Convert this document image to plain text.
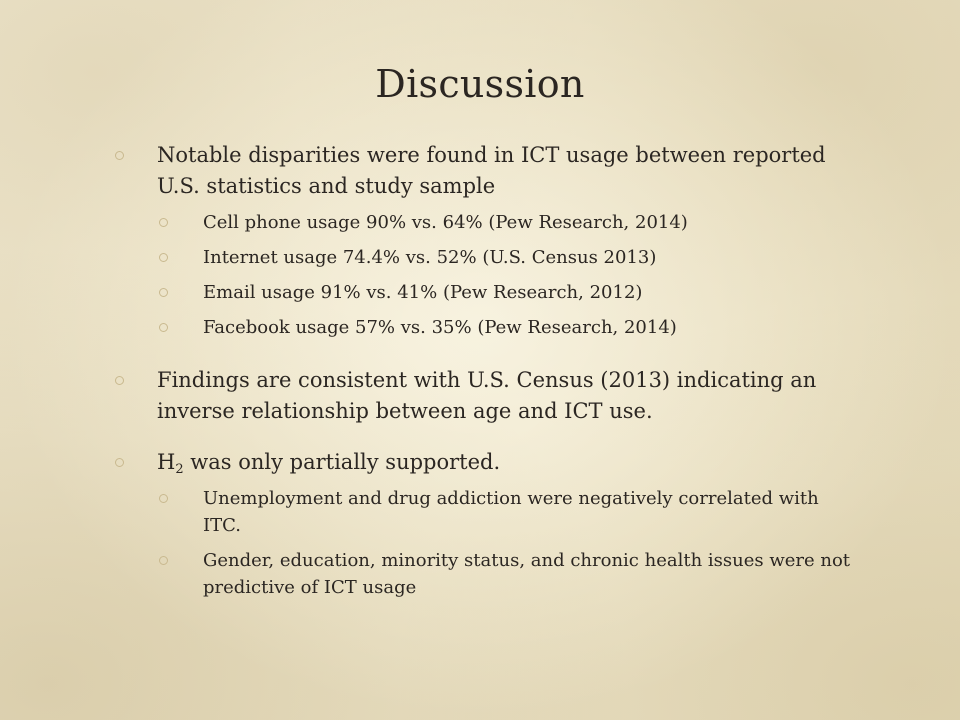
Discussion

Notable disparities were found in ICT usage between reported U.S. statistics and study sample

Cell phone usage 90% vs. 64% (Pew Research, 2014)

Internet usage 74.4% vs. 52% (U.S. Census 2013)

Email usage 91% vs. 41% (Pew Research, 2012)

Facebook usage 57% vs. 35% (Pew Research, 2014)

Findings are consistent with U.S. Census (2013) indicating an inverse relationship between age and ICT use.

$H_2$ was only partially supported.

Unemployment and drug addiction were negatively correlated with ITC.

Gender, education, minority status, and chronic health issues were not predictive of ICT usage
